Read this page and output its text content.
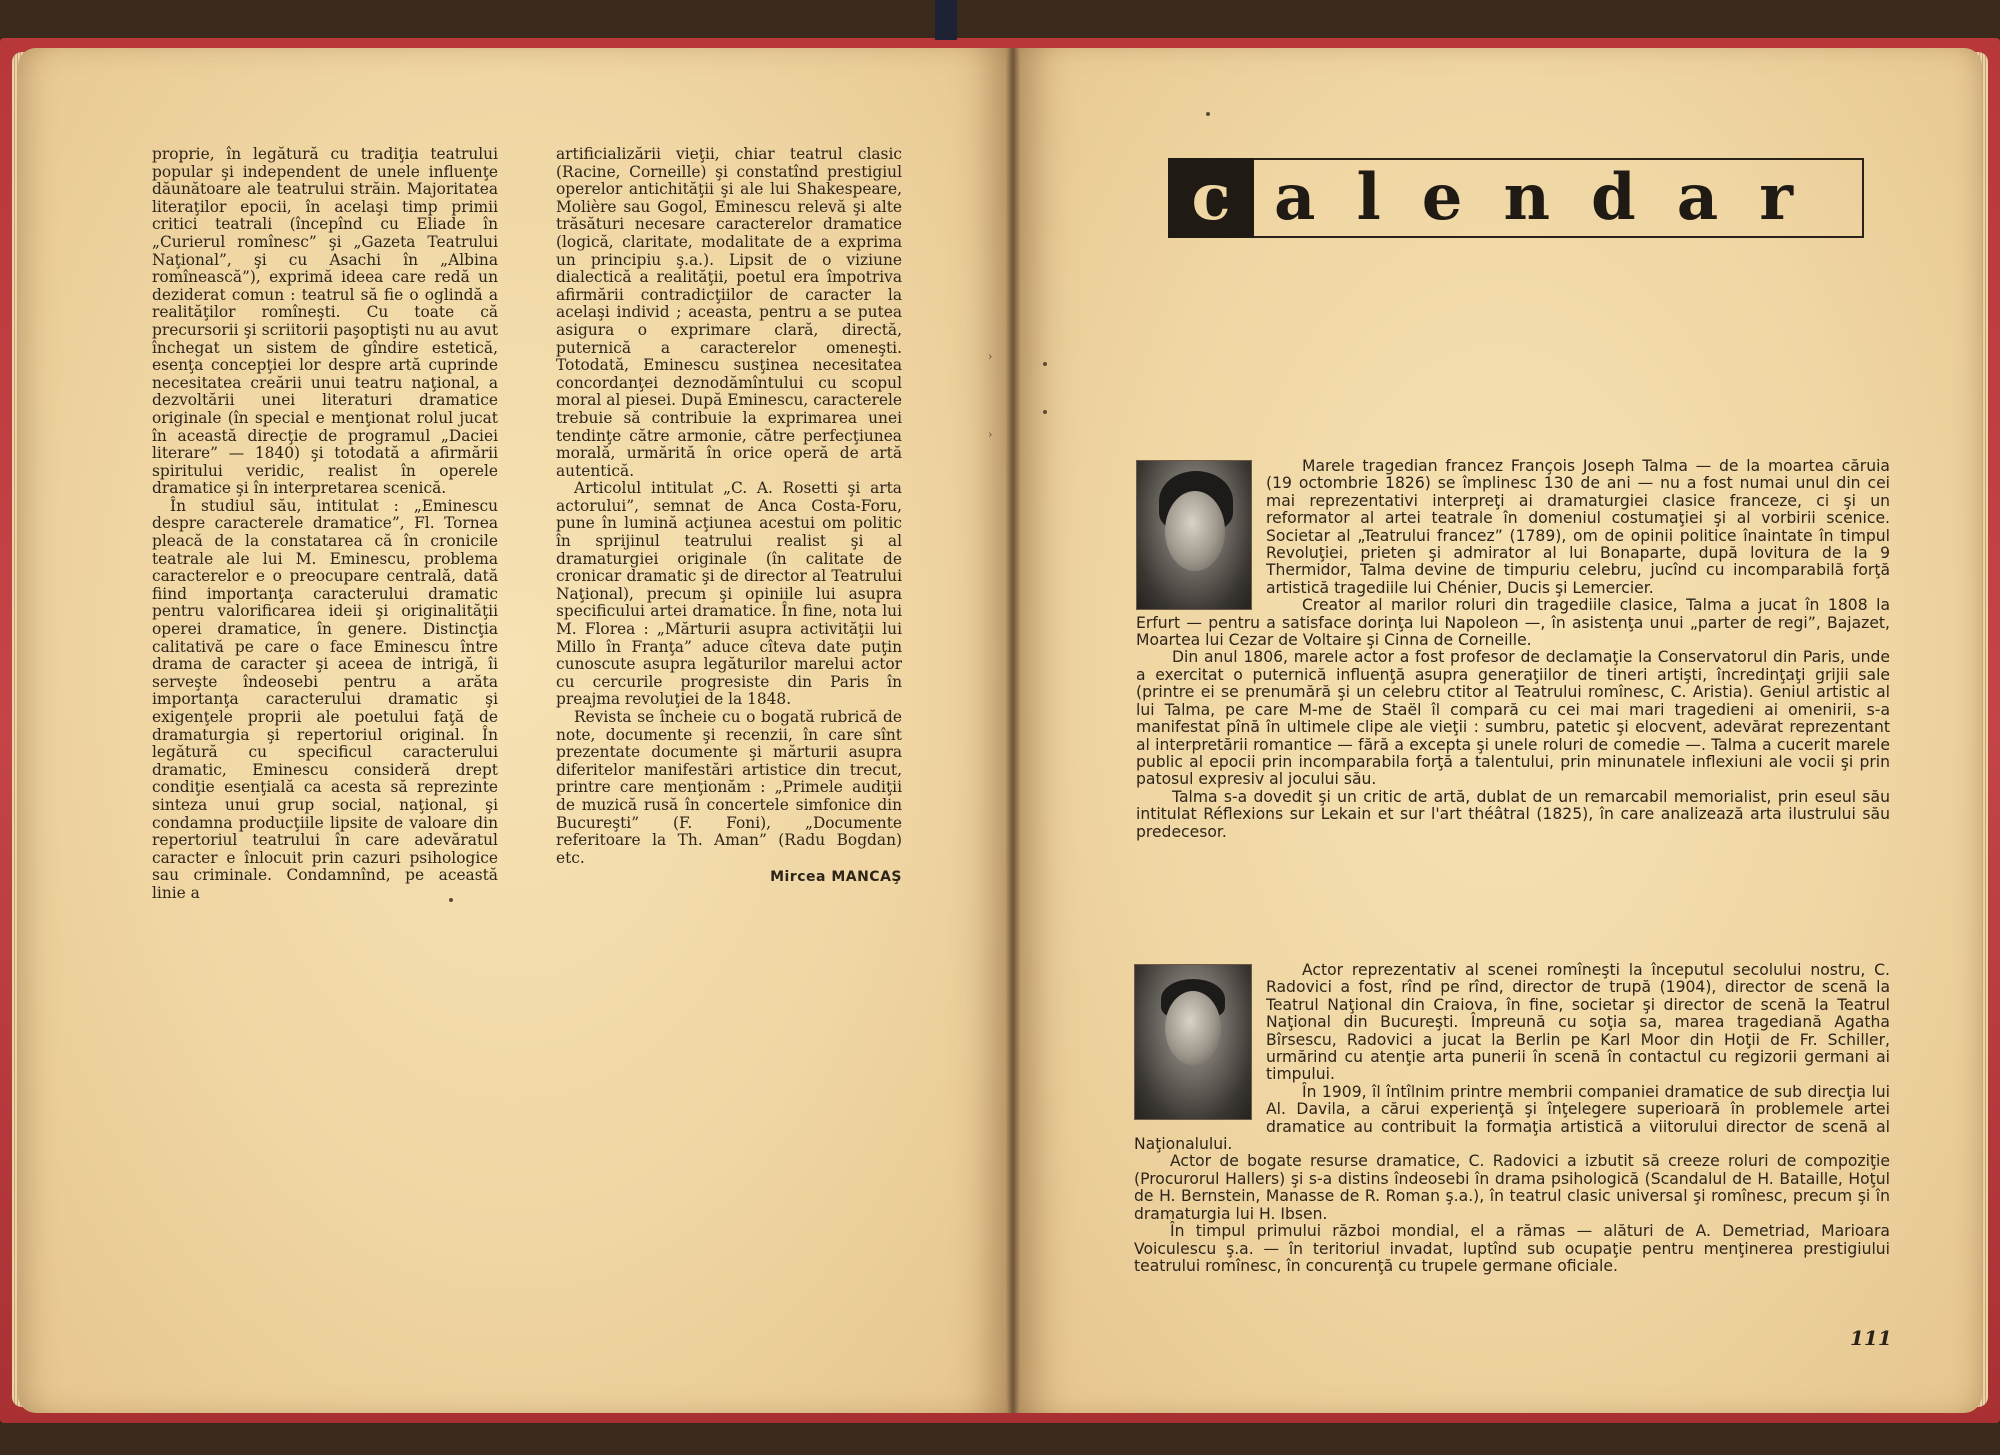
proprie, în legătură cu tradiţia teatrului popular şi independent de unele influenţe dăunătoare ale teatrului străin. Majoritatea literaţilor epocii, în acelaşi timp primii critici teatrali (începînd cu Eliade în „Curierul romînesc” şi „Gazeta Teatrului Naţional”, şi cu Asachi în „Albina romînească”), exprimă ideea care redă un deziderat comun : teatrul să fie o oglindă a realităţilor romîneşti. Cu toate că precursorii şi scriitorii paşoptişti nu au avut închegat un sistem de gîndire estetică, esenţa concepţiei lor despre artă cuprinde necesitatea creării unui teatru naţional, a dezvoltării unei literaturi dramatice originale (în special e menţionat rolul jucat în această direcţie de programul „Daciei literare” — 1840) şi totodată a afirmării spiritului veridic, realist în operele dramatice şi în interpretarea scenică.

În studiul său, intitulat : „Eminescu despre caracterele dramatice”, Fl. Tornea pleacă de la constatarea că în cronicile teatrale ale lui M. Eminescu, problema caracterelor e o preocupare centrală, dată fiind importanţa caracterului dramatic pentru valorificarea ideii şi originalităţii operei dramatice, în genere. Distincţia calitativă pe care o face Eminescu între drama de caracter şi aceea de intrigă, îi serveşte îndeosebi pentru a arăta importanţa caracterului dramatic şi exigenţele proprii ale poetului faţă de dramaturgia şi repertoriul original. În legătură cu specificul caracterului dramatic, Eminescu consideră drept condiţie esenţială ca acesta să reprezinte sinteza unui grup social, naţional, şi condamna producţiile lipsite de valoare din repertoriul teatrului în care adevăratul caracter e înlocuit prin cazuri psihologice sau criminale. Condamnînd, pe această linie a

artificializării vieţii, chiar teatrul clasic (Racine, Corneille) şi constatînd prestigiul operelor antichităţii şi ale lui Shakespeare, Molière sau Gogol, Eminescu relevă şi alte trăsături necesare caracterelor dramatice (logică, claritate, modalitate de a exprima un principiu ş.a.). Lipsit de o viziune dialectică a realităţii, poetul era împotriva afirmării contradicţiilor de caracter la acelaşi individ ; aceasta, pentru a se putea asigura o exprimare clară, directă, puternică a caracterelor omeneşti. Totodată, Eminescu susţinea necesitatea concordanţei deznodămîntului cu scopul moral al piesei. După Eminescu, caracterele trebuie să contribuie la exprimarea unei tendinţe către armonie, către perfecţiunea morală, urmărită în orice operă de artă autentică.

Articolul intitulat „C. A. Rosetti şi arta actorului”, semnat de Anca Costa-Foru, pune în lumină acţiunea acestui om politic în sprijinul teatrului realist şi al dramaturgiei originale (în calitate de cronicar dramatic şi de director al Teatrului Naţional), precum şi opiniile lui asupra specificului artei dramatice. În fine, nota lui M. Florea : „Mărturii asupra activităţii lui Millo în Franţa” aduce cîteva date puţin cunoscute asupra legăturilor marelui actor cu cercurile progresiste din Paris în preajma revoluţiei de la 1848.

Revista se încheie cu o bogată rubrică de note, documente şi recenzii, în care sînt prezentate documente şi mărturii asupra diferitelor manifestări artistice din trecut, printre care menţionăm : „Primele audiţii de muzică rusă în concertele simfonice din Bucureşti” (F. Foni), „Documente referitoare la Th. Aman” (Radu Bogdan) etc.

Mircea MANCAŞ
›
›
c alendar

Marele tragedian francez François Joseph Talma — de la moartea căruia (19 octombrie 1826) se împlinesc 130 de ani — nu a fost numai unul din cei mai reprezentativi interpreţi ai dramaturgiei clasice franceze, ci şi un reformator al artei teatrale în domeniul costumaţiei şi al vorbirii scenice. Societar al „Teatrului francez” (1789), om de opinii politice înaintate în timpul Revoluţiei, prieten şi admirator al lui Bonaparte, după lovitura de la 9 Thermidor, Talma devine de timpuriu celebru, jucînd cu incomparabilă forţă artistică tragediile lui Chénier, Ducis şi Lemercier.

Creator al marilor roluri din tragediile clasice, Talma a jucat în 1808 la Erfurt — pentru a satisface dorinţa lui Napoleon —, în asistenţa unui „parter de regi”, Bajazet, Moartea lui Cezar de Voltaire şi Cinna de Corneille.

Din anul 1806, marele actor a fost profesor de declamaţie la Conservatorul din Paris, unde a exercitat o puternică influenţă asupra generaţiilor de tineri artişti, încredinţaţi grijii sale (printre ei se prenumără şi un celebru ctitor al Teatrului romînesc, C. Aristia). Geniul artistic al lui Talma, pe care M-me de Staël îl compară cu cei mai mari tragedieni ai omenirii, s-a manifestat pînă în ultimele clipe ale vieţii : sumbru, patetic şi elocvent, adevărat reprezentant al interpretării romantice — fără a excepta şi unele roluri de comedie —. Talma a cucerit marele public al epocii prin incomparabila forţă a talentului, prin minunatele inflexiuni ale vocii şi prin patosul expresiv al jocului său.

Talma s-a dovedit şi un critic de artă, dublat de un remarcabil memorialist, prin eseul său intitulat Réflexions sur Lekain et sur l'art théâtral (1825), în care analizează arta ilustrului său predecesor.

Actor reprezentativ al scenei romîneşti la începutul secolului nostru, C. Radovici a fost, rînd pe rînd, director de trupă (1904), director de scenă la Teatrul Naţional din Craiova, în fine, societar şi director de scenă la Teatrul Naţional din Bucureşti. Împreună cu soţia sa, marea tragediană Agatha Bîrsescu, Radovici a jucat la Berlin pe Karl Moor din Hoţii de Fr. Schiller, urmărind cu atenţie arta punerii în scenă în contactul cu regizorii germani ai timpului.

În 1909, îl întîlnim printre membrii companiei dramatice de sub direcţia lui Al. Davila, a cărui experienţă şi înţelegere superioară în problemele artei dramatice au contribuit la formaţia artistică a viitorului director de scenă al Naţionalului.

Actor de bogate resurse dramatice, C. Radovici a izbutit să creeze roluri de compoziţie (Procurorul Hallers) şi s-a distins îndeosebi în drama psihologică (Scandalul de H. Bataille, Hoţul de H. Bernstein, Manasse de R. Roman ş.a.), în teatrul clasic universal şi romînesc, precum şi în dramaturgia lui H. Ibsen.

În timpul primului război mondial, el a rămas — alături de A. Demetriad, Marioara Voiculescu ş.a. — în teritoriul invadat, luptînd sub ocupaţie pentru menţinerea prestigiului teatrului romînesc, în concurenţă cu trupele germane oficiale.

111
